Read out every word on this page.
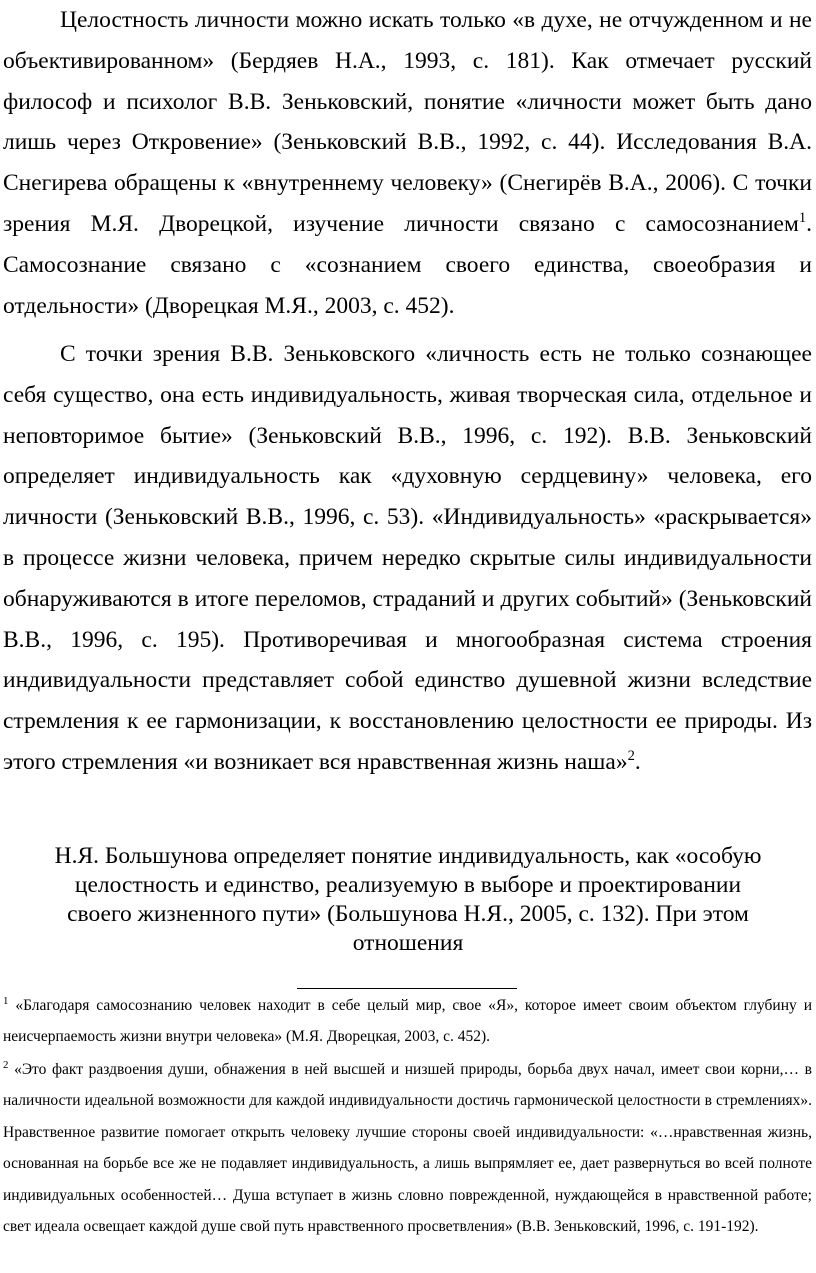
Целостность личности можно искать только «в духе, не отчужденном и не объективированном» (Бердяев Н.А., 1993, с. 181). Как отмечает русский философ и психолог В.В. Зеньковский, понятие «личности может быть дано лишь через Откровение» (Зеньковский В.В., 1992, с. 44). Исследования В.А. Снегирева обращены к «внутреннему человеку» (Снегирёв В.А., 2006). С точки зрения М.Я. Дворецкой, изучение личности связано с самосознанием$^1$. Самосознание связано с «сознанием своего единства, своеобразия и отдельности» (Дворецкая М.Я., 2003, с. 452).

С точки зрения В.В. Зеньковского «личность есть не только сознающее себя существо, она есть индивидуальность, живая творческая сила, отдельное и неповторимое бытие» (Зеньковский В.В., 1996, с. 192). В.В. Зеньковский определяет индивидуальность как «духовную сердцевину» человека, его личности (Зеньковский В.В., 1996, с. 53). «Индивидуальность» «раскрывается» в процессе жизни человека, причем нередко скрытые силы индивидуальности обнаруживаются в итоге переломов, страданий и других событий» (Зеньковский В.В., 1996, с. 195). Противоречивая и многообразная система строения индивидуальности представляет собой единство душевной жизни вследствие стремления к ее гармонизации, к восстановлению целостности ее природы. Из этого стремления «и возникает вся нравственная жизнь наша»$^2$.

Н.Я. Большунова определяет понятие индивидуальность, как «особую
целостность и единство, реализуемую в выборе и проектировании
своего жизненного пути» (Большунова Н.Я., 2005, с. 132). При этом
отношения

$^1$ «Благодаря самосознанию человек находит в себе целый мир, свое «Я», которое имеет своим объектом глубину и неисчерпаемость жизни внутри человека» (М.Я. Дворецкая, 2003, с. 452).

$^2$ «Это факт раздвоения души, обнажения в ней высшей и низшей природы, борьба двух начал, имеет свои корни,… в наличности идеальной возможности для каждой индивидуальности достичь гармонической целостности в стремлениях». Нравственное развитие помогает открыть человеку лучшие стороны своей индивидуальности: «…нравственная жизнь, основанная на борьбе все же не подавляет индивидуальность, а лишь выпрямляет ее, дает развернуться во всей полноте индивидуальных особенностей… Душа вступает в жизнь словно поврежденной, нуждающейся в нравственной работе; свет идеала освещает каждой душе свой путь нравственного просветвления» (В.В. Зеньковский, 1996, с. 191-192).
